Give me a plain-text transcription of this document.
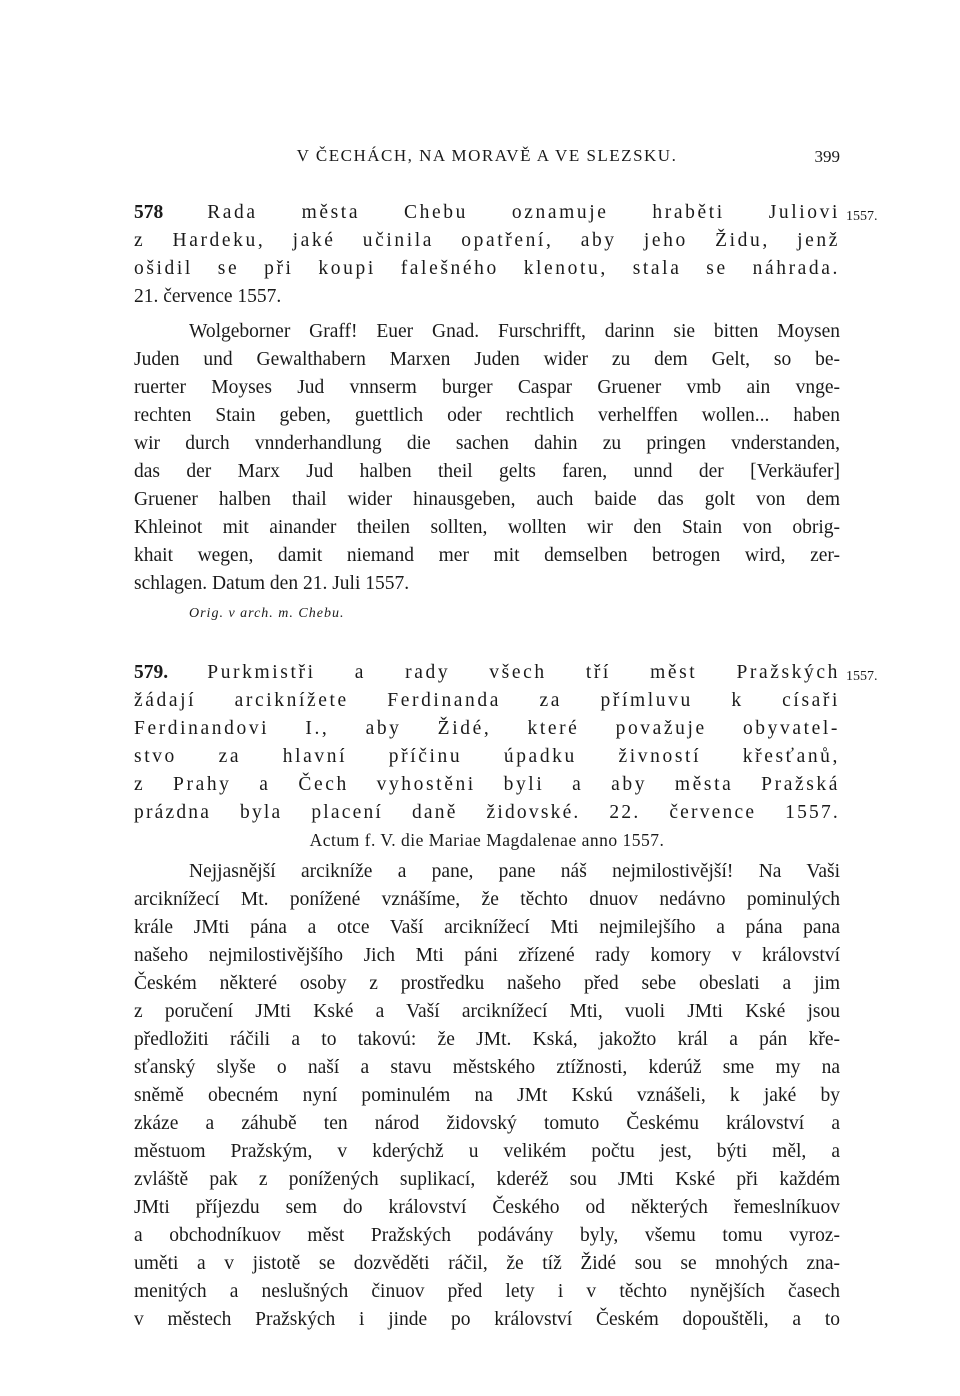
V ČECHÁCH, NA MORAVĚ A VE SLEZSKU.	399
578 Rada města Chebu oznamuje hraběti Juliovi 1557.
z Hardeku, jaké učinila opatření, aby jeho Židu, jenž
ošidil se při koupi falešného klenotu, stala se náhrada.
21. července 1557.
Wolgeborner Graff! Euer Gnad. Furschrifft, darinn sie bitten Moysen
Juden und Gewalthabern Marxen Juden wider zu dem Gelt, so be-
ruerter Moyses Jud vnnserm burger Caspar Gruener vmb ain vnge-
rechten Stain geben, guettlich oder rechtlich verhelffen wollen... haben
wir durch vnnderhandlung die sachen dahin zu pringen vnderstanden,
das der Marx Jud halben theil gelts faren, unnd der [Verkäufer]
Gruener halben thail wider hinausgeben, auch baide das golt von dem
Khleinot mit ainander theilen sollten, wollten wir den Stain von obrig-
khait wegen, damit niemand mer mit demselben betrogen wird, zer-
schlagen. Datum den 21. Juli 1557.
Orig. v arch. m. Chebu.
579. Purkmistři a rady všech tří měst Pražských 1557.
žádají arciknížete Ferdinanda za přímluvu k císaři
Ferdinandovi I., aby Židé, které považuje obyvatel-
stvo za hlavní příčinu úpadku živností křesťanů,
z Prahy a Čech vyhostěni byli a aby města Pražská
prázdna byla placení daně židovské. 22. července 1557.
Actum f. V. die Mariae Magdalenae anno 1557.
Nejjasnější arcikníže a pane, pane náš nejmilostivější! Na Vaši
arciknížecí Mt. ponížené vznášíme, že těchto dnuov nedávno pominulých
krále JMti pána a otce Vaší arciknížecí Mti nejmilejšího a pána pana
našeho nejmilostivějšího Jich Mti páni zřízené rady komory v království
Českém některé osoby z prostředku našeho před sebe obeslati a jim
z poručení JMti Kské a Vaší arciknížecí Mti, vuoli JMti Kské jsou
předložiti ráčili a to takovú: že JMt. Kská, jakožto král a pán kře-
sťanský slyše o naší a stavu městského ztížnosti, kderúž sme my na
sněmě obecném nyní pominulém na JMt Kskú vznášeli, k jaké by
zkáze a záhubě ten národ židovský tomuto Českému království a
městuom Pražským, v kderýchž u velikém počtu jest, býti měl, a
zvláště pak z ponížených suplikací, kderéž sou JMti Kské při každém
JMti příjezdu sem do království Českého od některých řemeslníkuov
a obchodníkuov měst Pražských podávány byly, všemu tomu vyroz-
uměti a v jistotě se dozvěděti ráčil, že tíž Židé sou se mnohých zna-
menitých a neslušných činuov před lety i v těchto nynějších časech
v městech Pražských i jinde po království Českém dopouštěli, a to
